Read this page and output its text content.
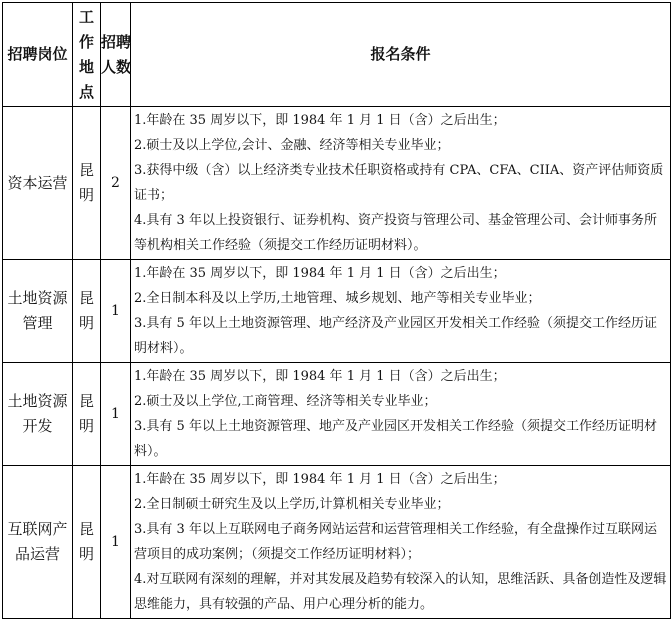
招聘岗位	工作地点	招聘人数	报名条件
资本运营	昆明	2	1.年龄在 35 周岁以下，即 1984 年 1 月 1 日（含）之后出生；
2.硕士及以上学位,会计、金融、经济等相关专业毕业；
3.获得中级（含）以上经济类专业技术任职资格或持有 CPA、CFA、CIIA、资产评估师资质证书；
4.具有 3 年以上投资银行、证券机构、资产投资与管理公司、基金管理公司、会计师事务所等机构相关工作经验（须提交工作经历证明材料）。

土地资源管理	昆明	1	1.年龄在 35 周岁以下，即 1984 年 1 月 1 日（含）之后出生；
2.全日制本科及以上学历,土地管理、城乡规划、地产等相关专业毕业；
3.具有 5 年以上土地资源管理、地产经济及产业园区开发相关工作经验（须提交工作经历证明材料）。

土地资源开发	昆明	1	1.年龄在 35 周岁以下，即 1984 年 1 月 1 日（含）之后出生；
2.硕士及以上学位,工商管理、经济等相关专业毕业；
3.具有 5 年以上土地资源管理、地产及产业园区开发相关工作经验（须提交工作经历证明材料）。

互联网产品运营	昆明	1	1.年龄在 35 周岁以下，即 1984 年 1 月 1 日（含）之后出生；
2.全日制硕士研究生及以上学历,计算机相关专业毕业；
3.具有 3 年以上互联网电子商务网站运营和运营管理相关工作经验，有全盘操作过互联网运营项目的成功案例；（须提交工作经历证明材料）；
4.对互联网有深刻的理解，并对其发展及趋势有较深入的认知，思维活跃、具备创造性及逻辑思维能力，具有较强的产品、用户心理分析的能力。
